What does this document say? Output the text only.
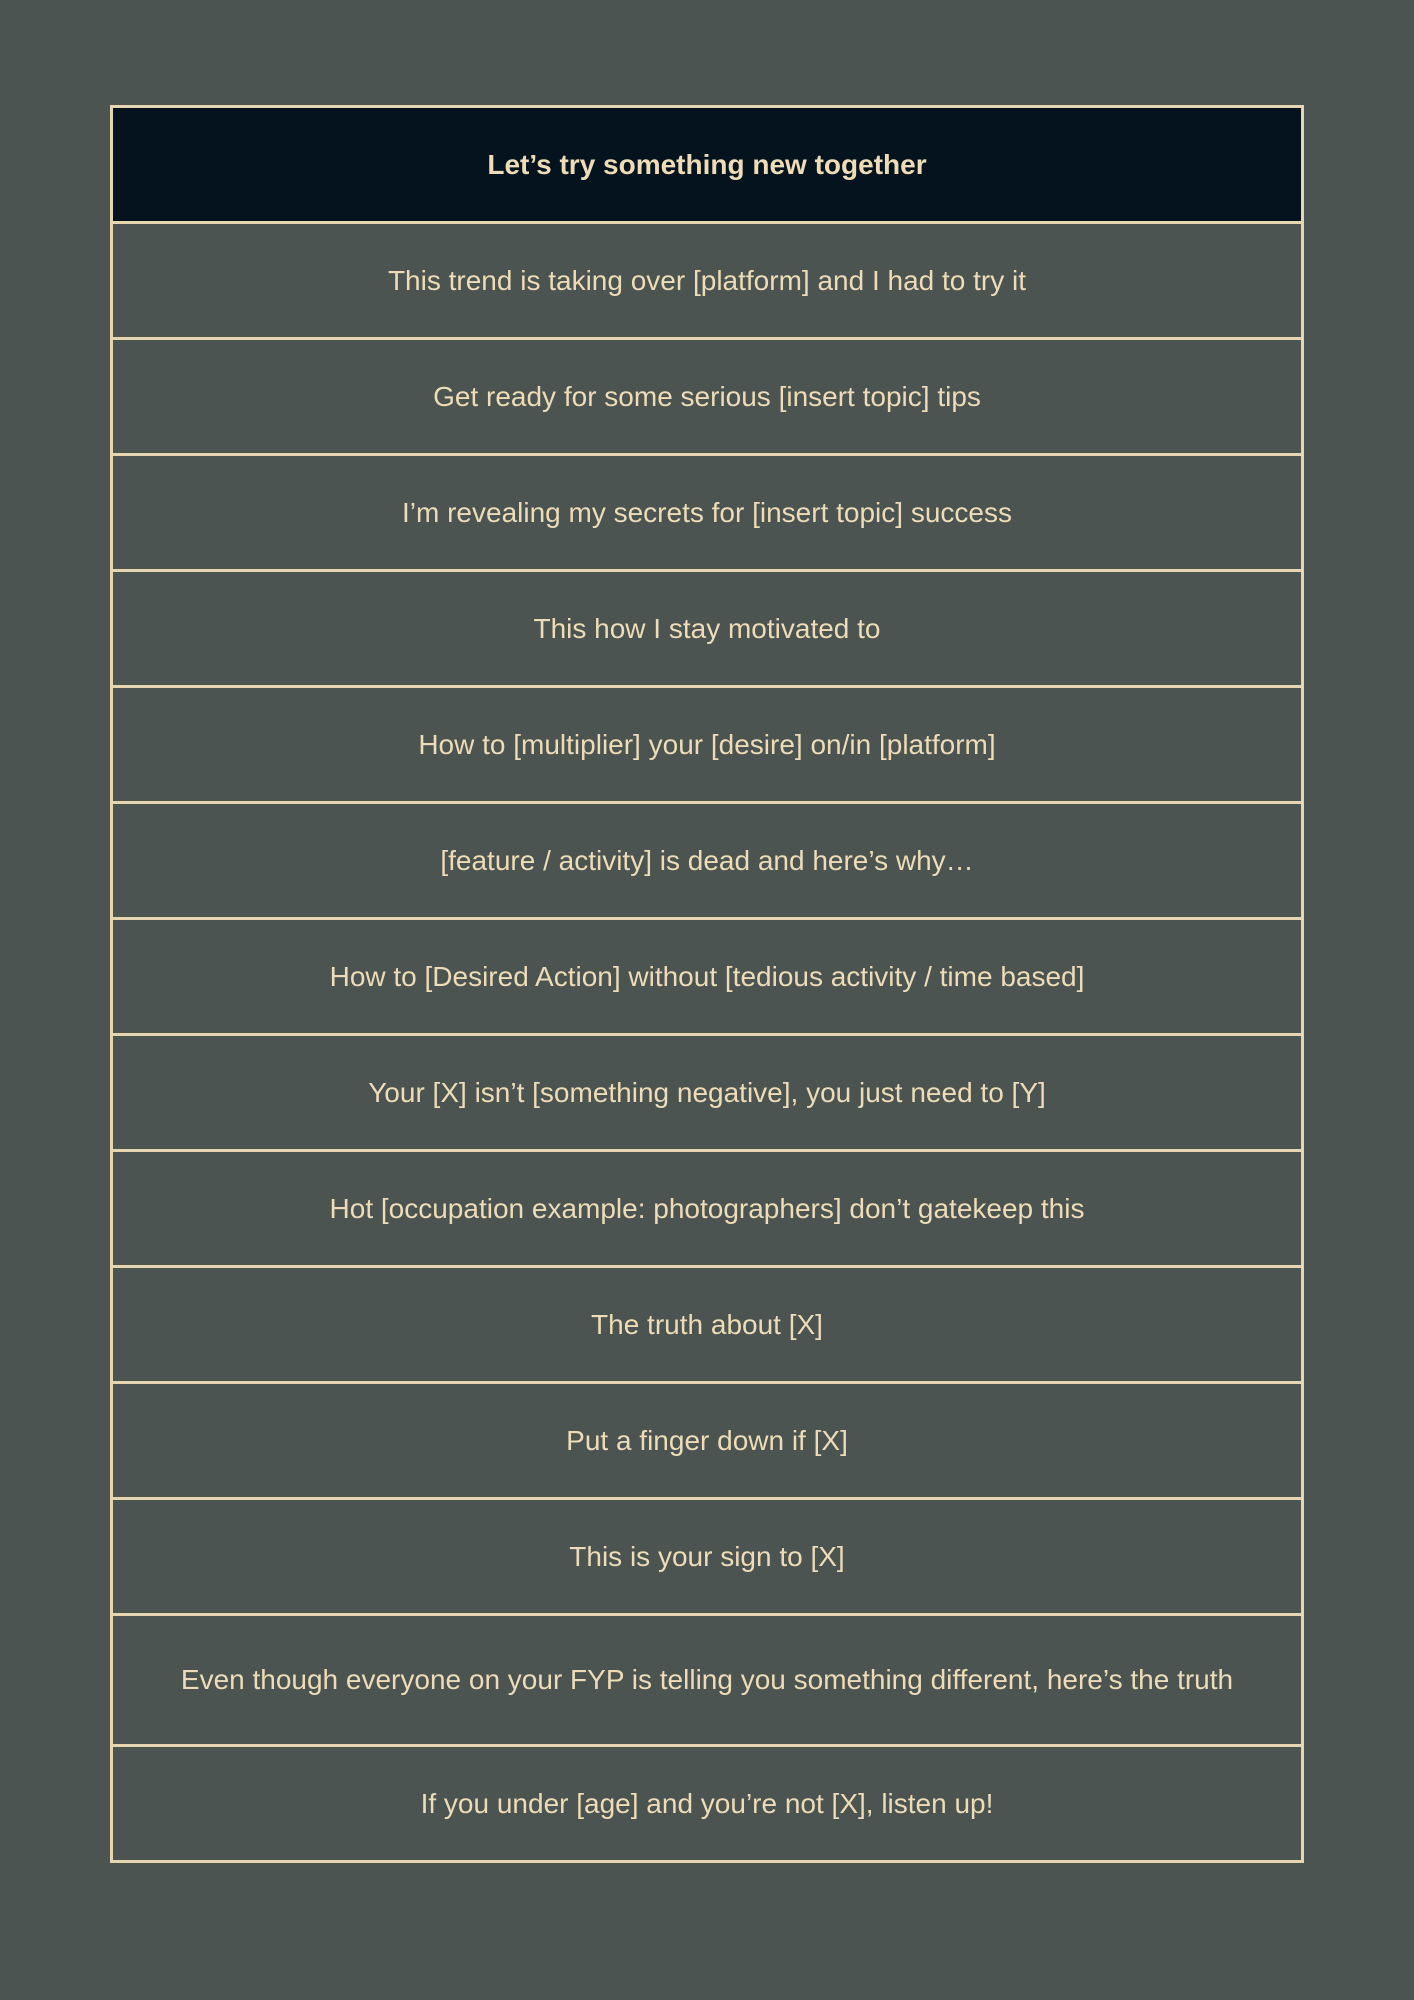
Let’s try something new together
This trend is taking over [platform] and I had to try it
Get ready for some serious [insert topic] tips
I’m revealing my secrets for [insert topic] success
This how I stay motivated to
How to [multiplier] your [desire] on/in [platform]
[feature / activity] is dead and here’s why…
How to [Desired Action] without [tedious activity / time based]
Your [X] isn’t [something negative], you just need to [Y]
Hot [occupation example: photographers] don’t gatekeep this
The truth about [X]
Put a finger down if [X]
This is your sign to [X]
Even though everyone on your FYP is telling you something different, here’s the truth
If you under [age] and you’re not [X], listen up!
